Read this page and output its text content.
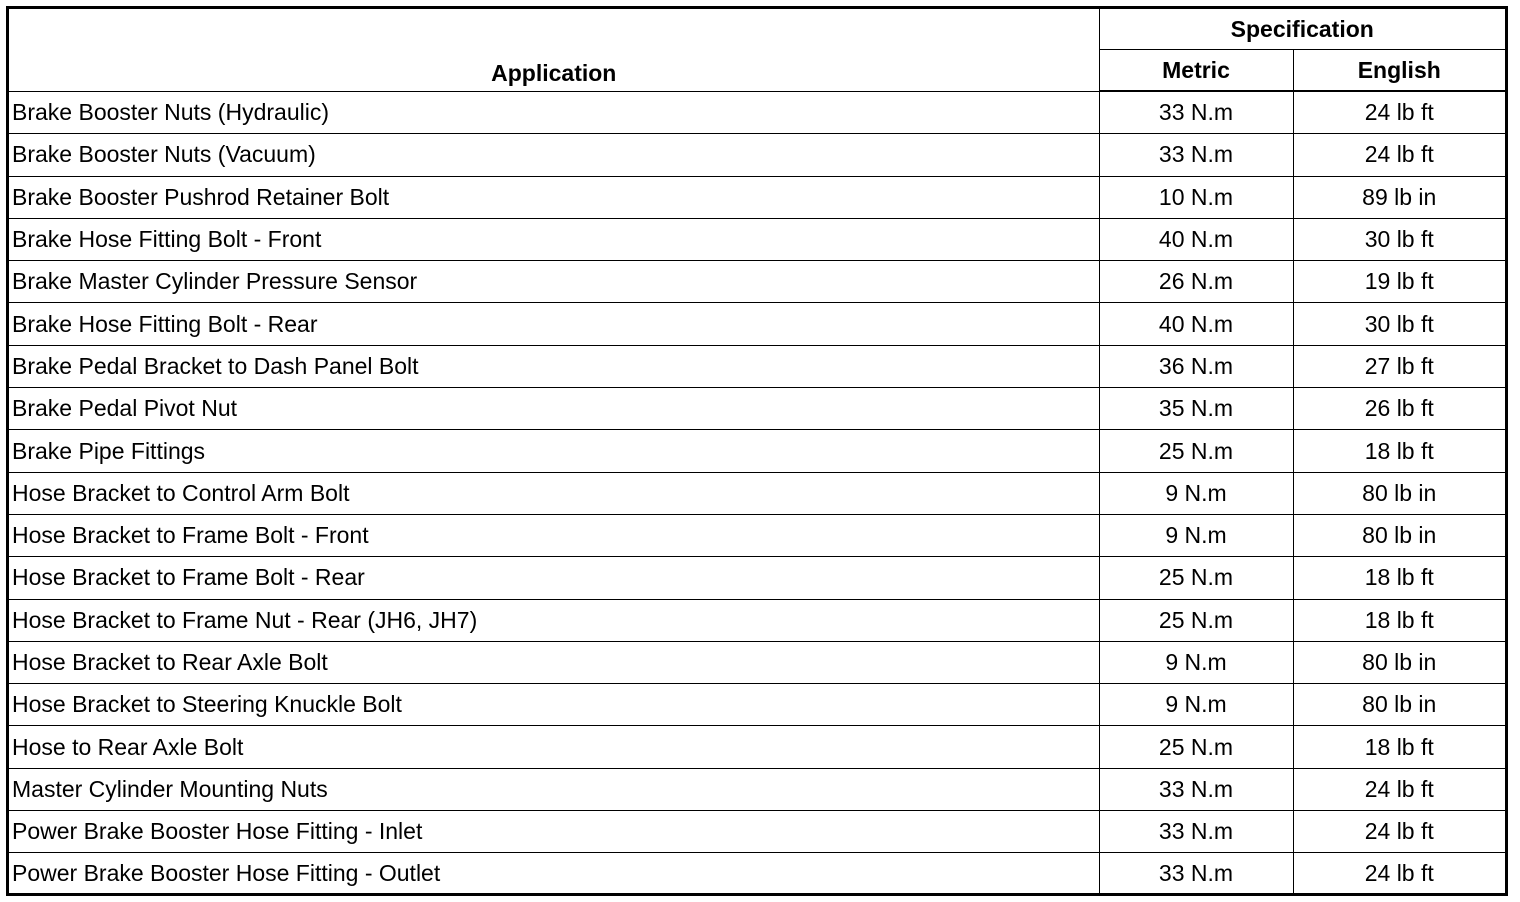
Application	Specification	
	Metric	English
Brake Booster Nuts (Hydraulic)	33 N.m	24 lb ft
Brake Booster Nuts (Vacuum)	33 N.m	24 lb ft
Brake Booster Pushrod Retainer Bolt	10 N.m	89 lb in
Brake Hose Fitting Bolt - Front	40 N.m	30 lb ft
Brake Master Cylinder Pressure Sensor	26 N.m	19 lb ft
Brake Hose Fitting Bolt - Rear	40 N.m	30 lb ft
Brake Pedal Bracket to Dash Panel Bolt	36 N.m	27 lb ft
Brake Pedal Pivot Nut	35 N.m	26 lb ft
Brake Pipe Fittings	25 N.m	18 lb ft
Hose Bracket to Control Arm Bolt	9 N.m	80 lb in
Hose Bracket to Frame Bolt - Front	9 N.m	80 lb in
Hose Bracket to Frame Bolt - Rear	25 N.m	18 lb ft
Hose Bracket to Frame Nut - Rear (JH6, JH7)	25 N.m	18 lb ft
Hose Bracket to Rear Axle Bolt	9 N.m	80 lb in
Hose Bracket to Steering Knuckle Bolt	9 N.m	80 lb in
Hose to Rear Axle Bolt	25 N.m	18 lb ft
Master Cylinder Mounting Nuts	33 N.m	24 lb ft
Power Brake Booster Hose Fitting - Inlet	33 N.m	24 lb ft
Power Brake Booster Hose Fitting - Outlet	33 N.m	24 lb ft
